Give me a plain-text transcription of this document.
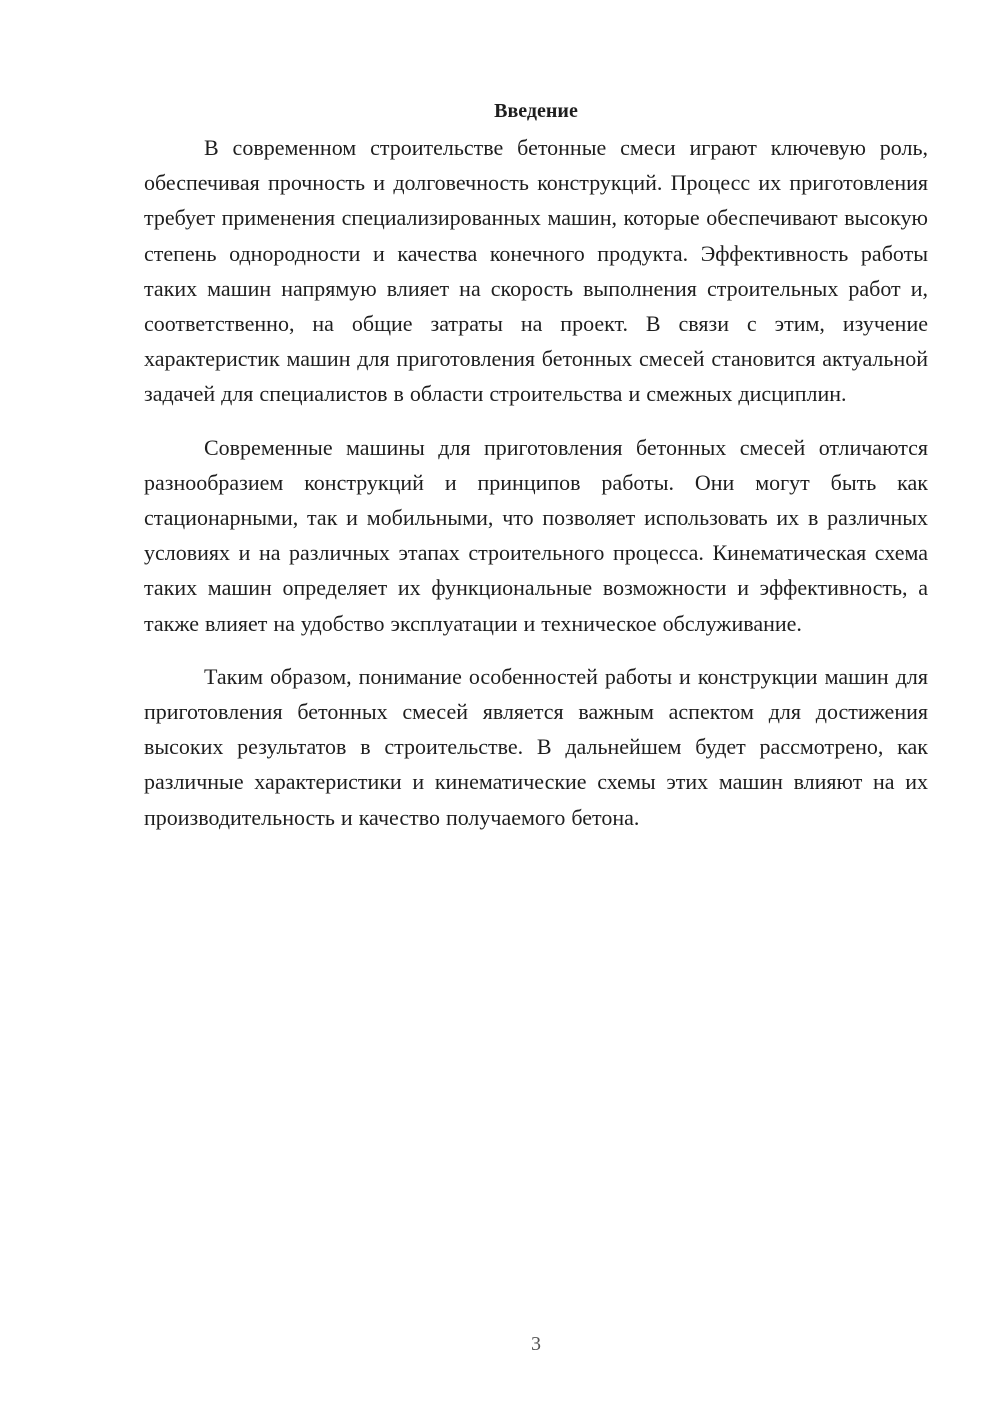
Введение

В современном строительстве бетонные смеси играют ключевую роль, обеспечивая прочность и долговечность конструкций. Процесс их приготовления требует применения специализированных машин, которые обеспечивают высокую степень однородности и качества конечного продукта. Эффективность работы таких машин напрямую влияет на скорость выполнения строительных работ и, соответственно, на общие затраты на проект. В связи с этим, изучение характеристик машин для приготовления бетонных смесей становится актуальной задачей для специалистов в области строительства и смежных дисциплин.

Современные машины для приготовления бетонных смесей отличаются разнообразием конструкций и принципов работы. Они могут быть как стационарными, так и мобильными, что позволяет использовать их в различных условиях и на различных этапах строительного процесса. Кинематическая схема таких машин определяет их функциональные возможности и эффективность, а также влияет на удобство эксплуатации и техническое обслуживание.

Таким образом, понимание особенностей работы и конструкции машин для приготовления бетонных смесей является важным аспектом для достижения высоких результатов в строительстве. В дальнейшем будет рассмотрено, как различные характеристики и кинематические схемы этих машин влияют на их производительность и качество получаемого бетона.

3
